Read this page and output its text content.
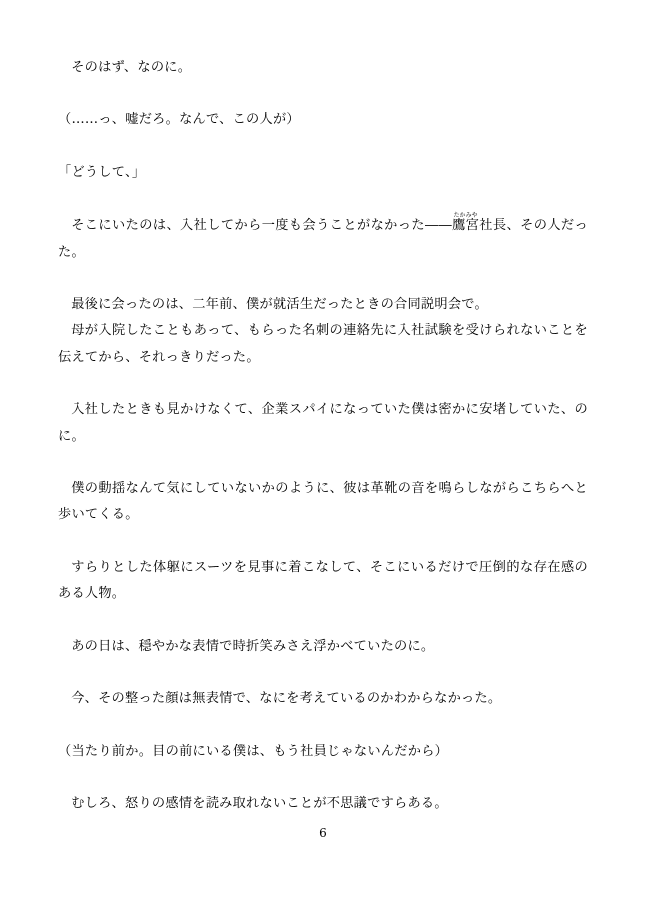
そのはず、なのに。

（……っ、嘘だろ。なんで、この人が）

「どうして、」

そこにいたのは、入社してから一度も会うことがなかった――鷹宮たかみや社長、その人だった。

最後に会ったのは、二年前、僕が就活生だったときの合同説明会で。

母が入院したこともあって、もらった名刺の連絡先に入社試験を受けられないことを伝えてから、それっきりだった。

入社したときも見かけなくて、企業スパイになっていた僕は密かに安堵していた、のに。

僕の動揺なんて気にしていないかのように、彼は革靴の音を鳴らしながらこちらへと歩いてくる。

すらりとした体躯にスーツを見事に着こなして、そこにいるだけで圧倒的な存在感のある人物。

あの日は、穏やかな表情で時折笑みさえ浮かべていたのに。

今、その整った顔は無表情で、なにを考えているのかわからなかった。

（当たり前か。目の前にいる僕は、もう社員じゃないんだから）

むしろ、怒りの感情を読み取れないことが不思議ですらある。

6
